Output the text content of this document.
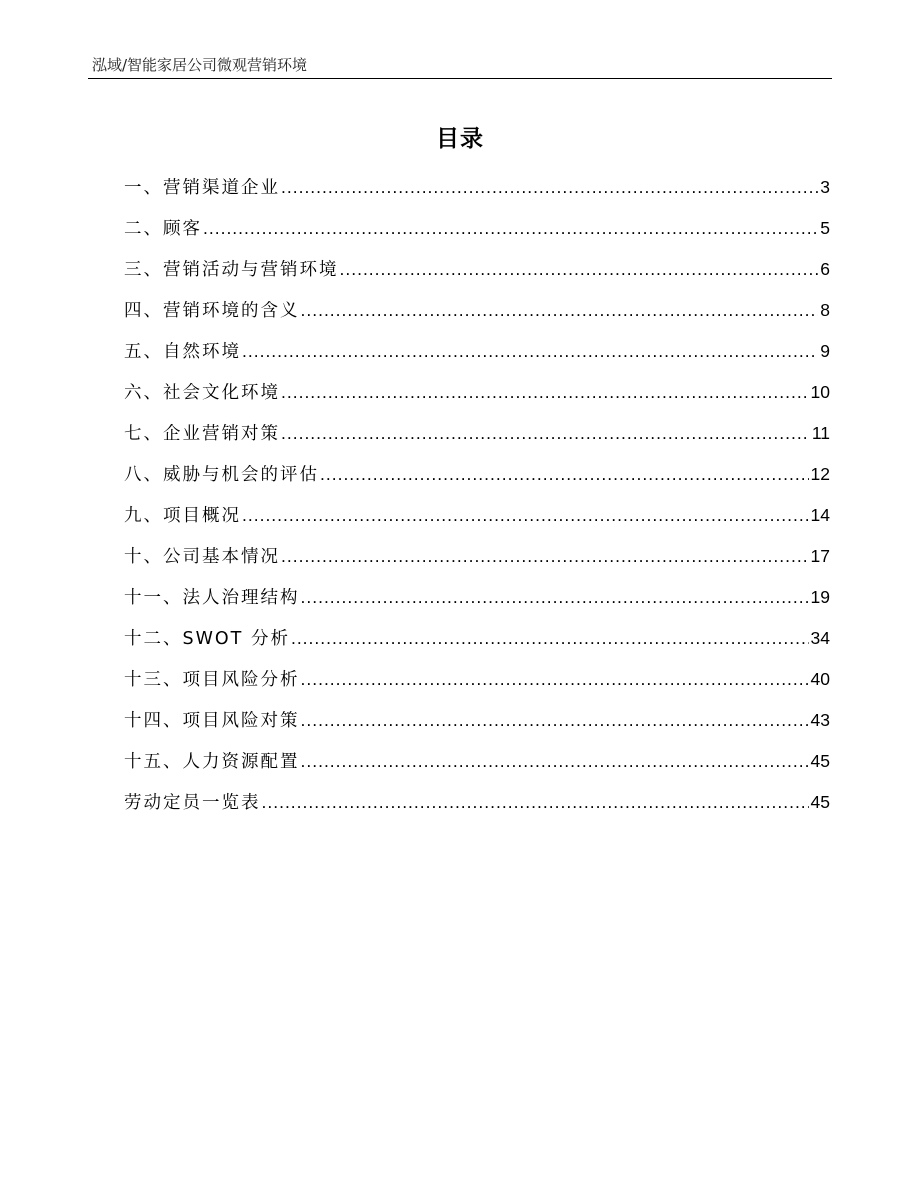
泓域/智能家居公司微观营销环境
目录
一、 营销渠道企业 .....	3
二、 顾客 .....	5
三、 营销活动与营销环境 .....	6
四、 营销环境的含义 .....	8
五、 自然环境 .....	9
六、 社会文化环境 .....	10
七、 企业营销对策 .....	11
八、 威胁与机会的评估 .....	12
九、 项目概况 .....	14
十、 公司基本情况 .....	17
十一、 法人治理结构 .....	19
十二、 SWOT 分析 .....	34
十三、 项目风险分析 .....	40
十四、 项目风险对策 .....	43
十五、 人力资源配置 .....	45
劳动定员一览表 .....	45
